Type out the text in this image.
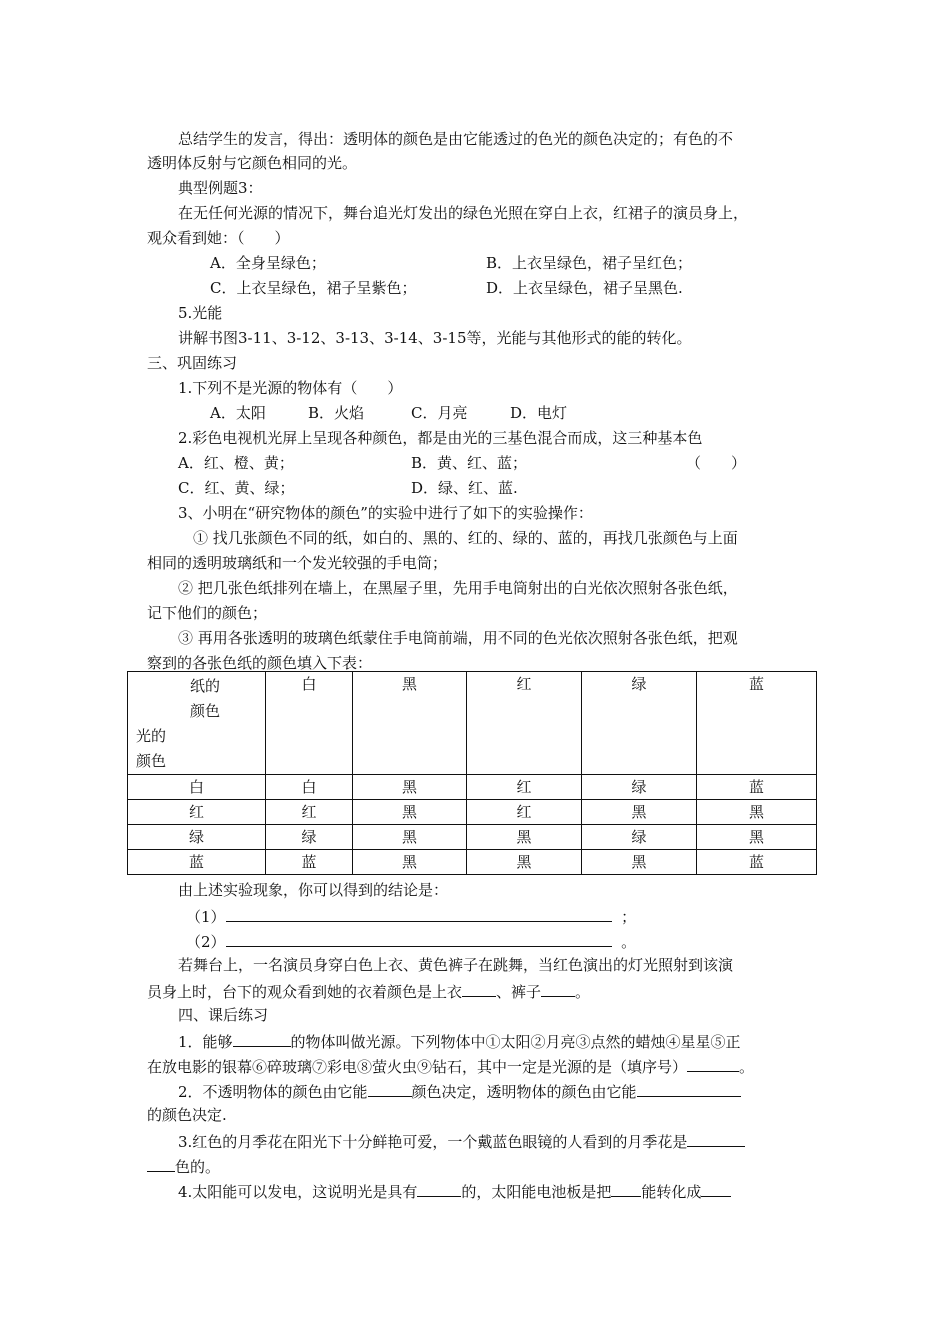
总结学生的发言，得出：透明体的颜色是由它能透过的色光的颜色决定的；有色的不
透明体反射与它颜色相同的光。
典型例题3：
在无任何光源的情况下，舞台追光灯发出的绿色光照在穿白上衣，红裙子的演员身上，
观众看到她：（　　）
A．全身呈绿色；	B．上衣呈绿色，裙子呈红色；
C．上衣呈绿色，裙子呈紫色；	D．上衣呈绿色，裙子呈黑色.
5.光能
讲解书图3-11、3-12、3-13、3-14、3-15等，光能与其他形式的能的转化。
三、巩固练习
1.下列不是光源的物体有（　　）
A．太阳	B．火焰	C．月亮	D．电灯
2.彩色电视机光屏上呈现各种颜色，都是由光的三基色混合而成，这三种基本色
A．红、橙、黄；	B．黄、红、蓝；	（　　）
C．红、黄、绿；	D．绿、红、蓝.
3、小明在“研究物体的颜色”的实验中进行了如下的实验操作：
① 找几张颜色不同的纸，如白的、黑的、红的、绿的、蓝的，再找几张颜色与上面
相同的透明玻璃纸和一个发光较强的手电筒；
② 把几张色纸排列在墙上，在黑屋子里，先用手电筒射出的白光依次照射各张色纸，
记下他们的颜色；
③ 再用各张透明的玻璃色纸蒙住手电筒前端，用不同的色光依次照射各张色纸，把观
察到的各张色纸的颜色填入下表：
纸的
颜色
光的
颜色	白	黑	红	绿	蓝
白	白	黑	红	绿	蓝
红	红	黑	红	黑	黑
绿	绿	黑	黑	绿	黑
蓝	蓝	黑	黑	黑	蓝
由上述实验现象，你可以得到的结论是：
（1）	；
（2）	。
若舞台上，一名演员身穿白色上衣、黄色裤子在跳舞，当红色演出的灯光照射到该演
员身上时，台下的观众看到她的衣着颜色是上衣 、裤子 。
四、课后练习
1．能够	的物体叫做光源。下列物体中①太阳②月亮③点然的蜡烛④星星⑤正
在放电影的银幕⑥碎玻璃⑦彩电⑧萤火虫⑨钻石，其中一定是光源的是（填序号）	。
2．不透明物体的颜色由它能	颜色决定，透明物体的颜色由它能
的颜色决定.
3.红色的月季花在阳光下十分鲜艳可爱，一个戴蓝色眼镜的人看到的月季花是
色的。
4.太阳能可以发电，这说明光是具有	的，太阳能电池板是把 能转化成
